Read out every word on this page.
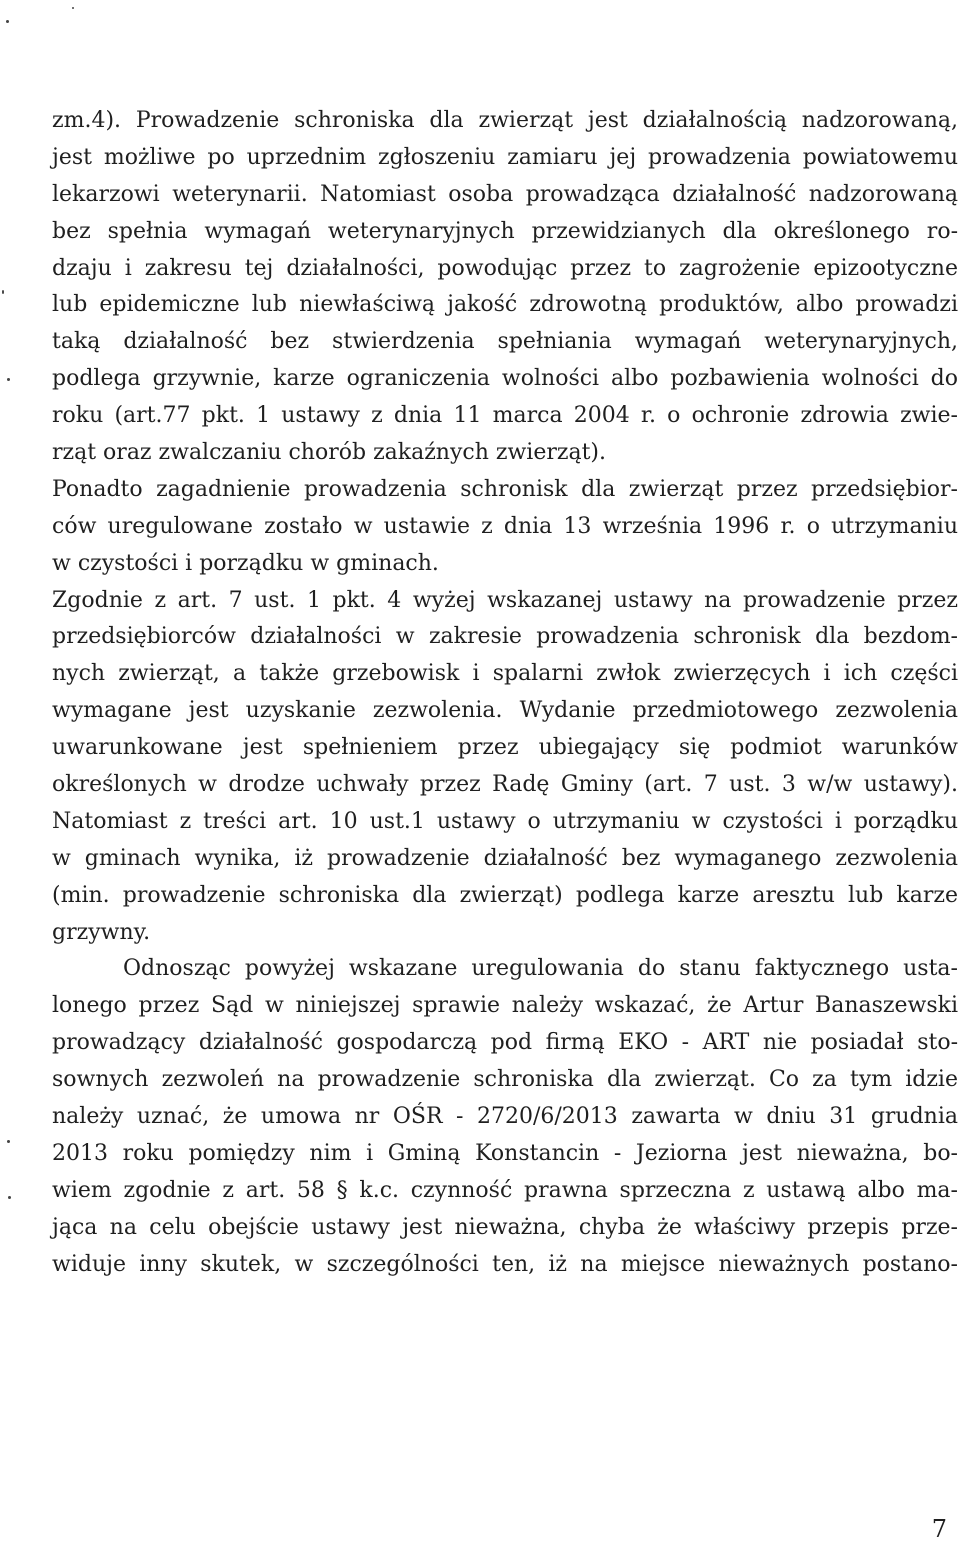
zm.4). Prowadzenie schroniska dla zwierząt jest działalnością nadzorowaną,
jest możliwe po uprzednim zgłoszeniu zamiaru jej prowadzenia powiatowemu
lekarzowi weterynarii. Natomiast osoba prowadząca działalność nadzorowaną
bez spełnia wymagań weterynaryjnych przewidzianych dla określonego ro-
dzaju i zakresu tej działalności, powodując przez to zagrożenie epizootyczne
lub epidemiczne lub niewłaściwą jakość zdrowotną produktów, albo prowadzi
taką działalność bez stwierdzenia spełniania wymagań weterynaryjnych,
podlega grzywnie, karze ograniczenia wolności albo pozbawienia wolności do
roku (art.77 pkt. 1 ustawy z dnia 11 marca 2004 r. o ochronie zdrowia zwie-
rząt oraz zwalczaniu chorób zakaźnych zwierząt).
Ponadto zagadnienie prowadzenia schronisk dla zwierząt przez przedsiębior-
ców uregulowane zostało w ustawie z dnia 13 września 1996 r. o utrzymaniu
w czystości i porządku w gminach.
Zgodnie z art. 7 ust. 1 pkt. 4 wyżej wskazanej ustawy na prowadzenie przez
przedsiębiorców działalności w zakresie prowadzenia schronisk dla bezdom-
nych zwierząt, a także grzebowisk i spalarni zwłok zwierzęcych i ich części
wymagane jest uzyskanie zezwolenia. Wydanie przedmiotowego zezwolenia
uwarunkowane jest spełnieniem przez ubiegający się podmiot warunków
określonych w drodze uchwały przez Radę Gminy (art. 7 ust. 3 w/w ustawy).
Natomiast z treści art. 10 ust.1 ustawy o utrzymaniu w czystości i porządku
w gminach wynika, iż prowadzenie działalność bez wymaganego zezwolenia
(min. prowadzenie schroniska dla zwierząt) podlega karze aresztu lub karze
grzywny.
Odnosząc powyżej wskazane uregulowania do stanu faktycznego usta-
lonego przez Sąd w niniejszej sprawie należy wskazać, że Artur Banaszewski
prowadzący działalność gospodarczą pod firmą EKO - ART nie posiadał sto-
sownych zezwoleń na prowadzenie schroniska dla zwierząt. Co za tym idzie
należy uznać, że umowa nr OŚR - 2720/6/2013 zawarta w dniu 31 grudnia
2013 roku pomiędzy nim i Gminą Konstancin - Jeziorna jest nieważna, bo-
wiem zgodnie z art. 58 § k.c. czynność prawna sprzeczna z ustawą albo ma-
jąca na celu obejście ustawy jest nieważna, chyba że właściwy przepis prze-
widuje inny skutek, w szczególności ten, iż na miejsce nieważnych postano-
7
